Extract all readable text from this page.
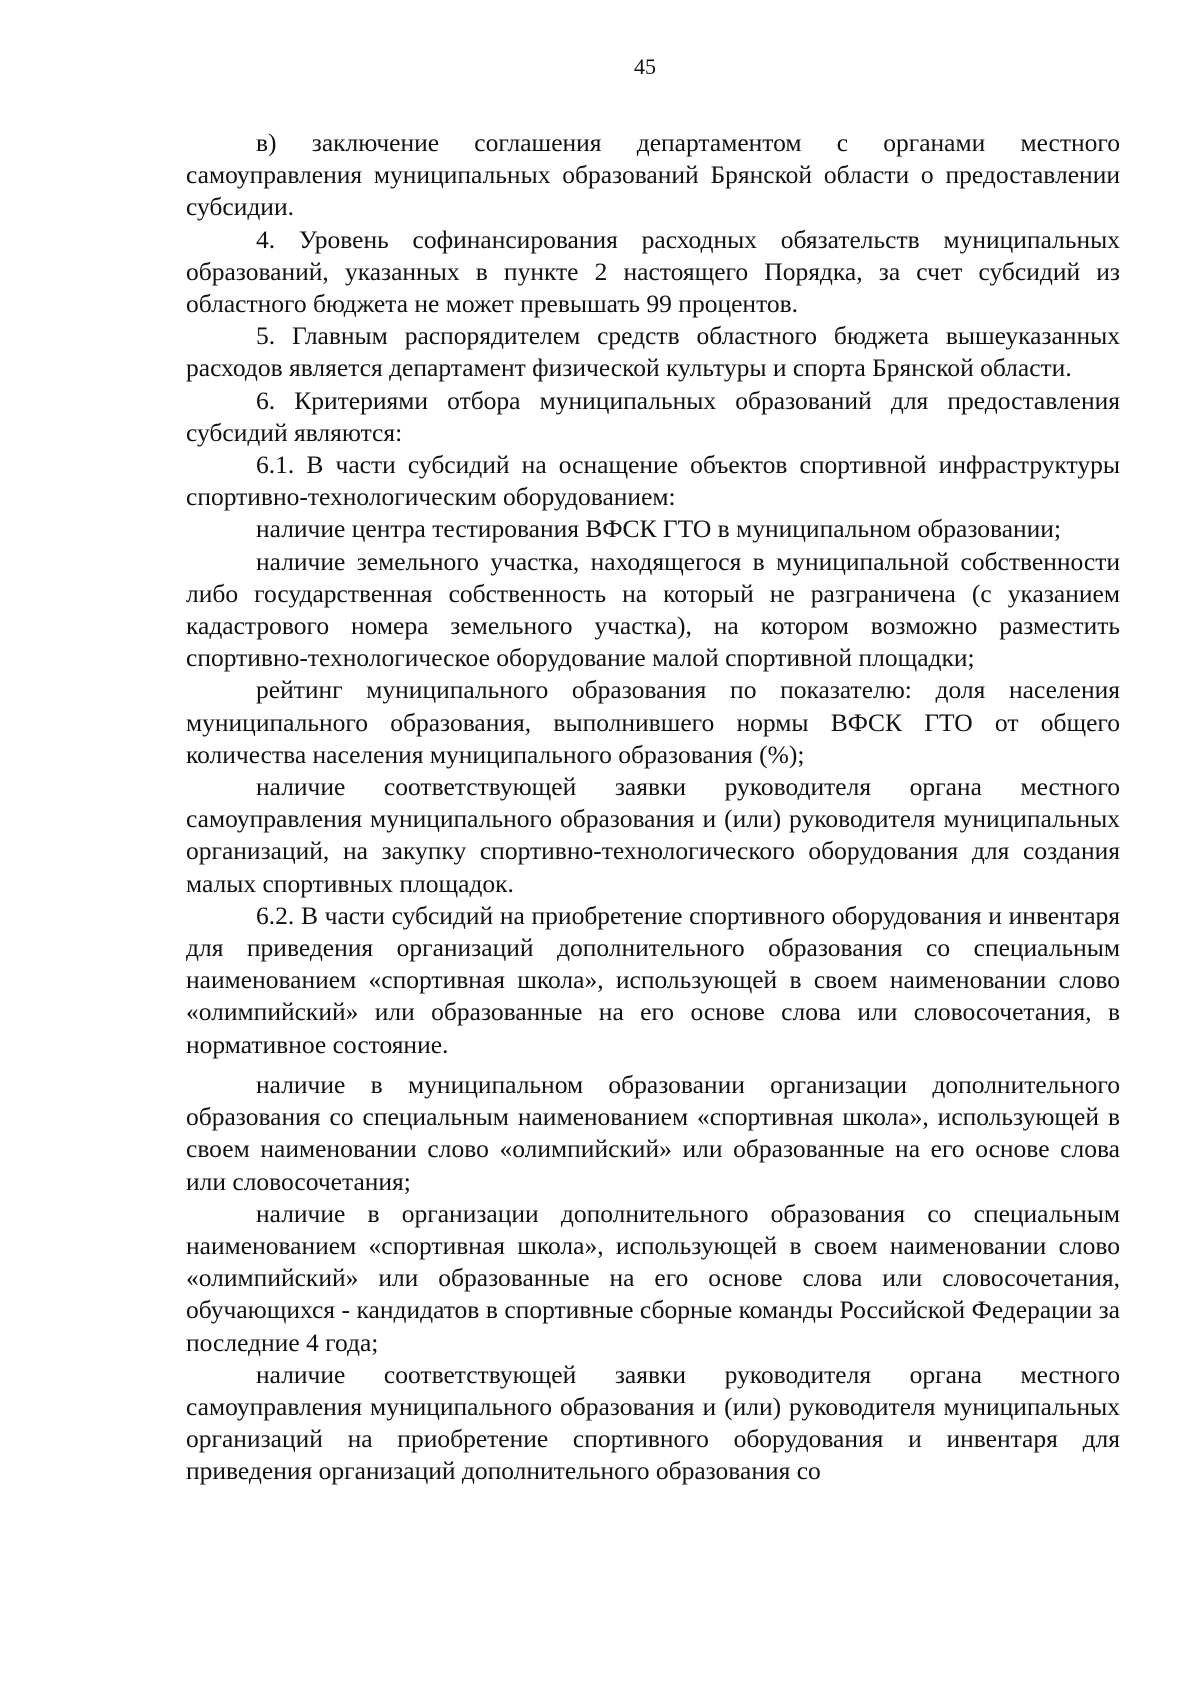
45

в) заключение соглашения департаментом с органами местного самоуправления муниципальных образований Брянской области о предоставлении субсидии.

4. Уровень софинансирования расходных обязательств муниципальных образований, указанных в пункте 2 настоящего Порядка, за счет субсидий из областного бюджета не может превышать 99 процентов.

5. Главным распорядителем средств областного бюджета вышеуказанных расходов является департамент физической культуры и спорта Брянской области.

6. Критериями отбора муниципальных образований для предоставления субсидий являются:

6.1. В части субсидий на оснащение объектов спортивной инфраструктуры спортивно-технологическим оборудованием:

наличие центра тестирования ВФСК ГТО в муниципальном образовании;

наличие земельного участка, находящегося в муниципальной собственности либо государственная собственность на который не разграничена (с указанием кадастрового номера земельного участка), на котором возможно разместить спортивно-технологическое оборудование малой спортивной площадки;

рейтинг муниципального образования по показателю: доля населения муниципального образования, выполнившего нормы ВФСК ГТО от общего количества населения муниципального образования (%);

наличие соответствующей заявки руководителя органа местного самоуправления муниципального образования и (или) руководителя муниципальных организаций, на закупку спортивно-технологического оборудования для создания малых спортивных площадок.

6.2. В части субсидий на приобретение спортивного оборудования и инвентаря для приведения организаций дополнительного образования со специальным наименованием «спортивная школа», использующей в своем наименовании слово «олимпийский» или образованные на его основе слова или словосочетания, в нормативное состояние.

наличие в муниципальном образовании организации дополнительного образования со специальным наименованием «спортивная школа», использующей в своем наименовании слово «олимпийский» или образованные на его основе слова или словосочетания;

наличие в организации дополнительного образования со специальным наименованием «спортивная школа», использующей в своем наименовании слово «олимпийский» или образованные на его основе слова или словосочетания, обучающихся - кандидатов в спортивные сборные команды Российской Федерации за последние 4 года;

наличие соответствующей заявки руководителя органа местного самоуправления муниципального образования и (или) руководителя муниципальных организаций на приобретение спортивного оборудования и инвентаря для приведения организаций дополнительного образования со
